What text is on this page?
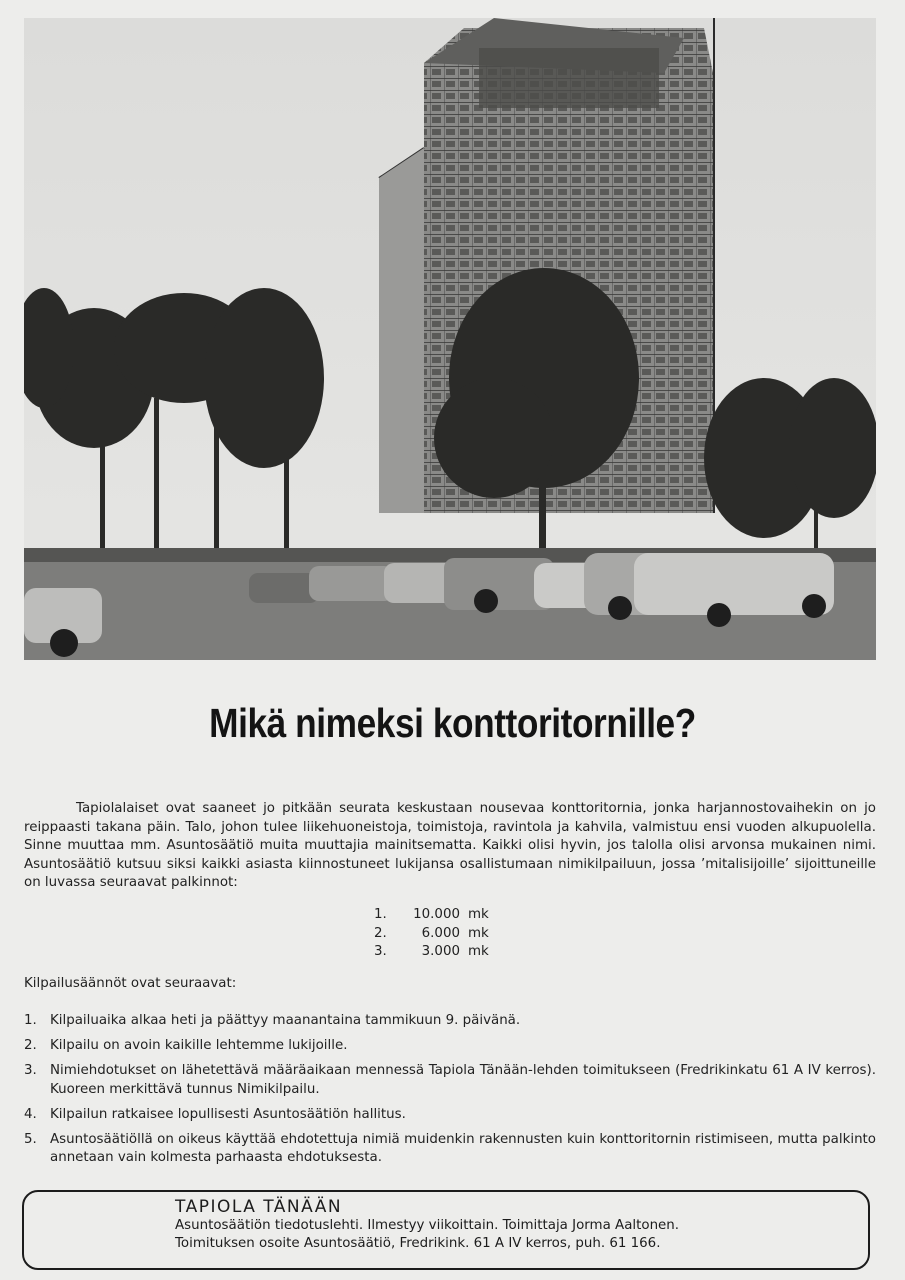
Mikä nimeksi konttoritornille?
Tapiolalaiset ovat saaneet jo pitkään seurata keskustaan nousevaa konttoritornia, jonka harjannostovaihekin on jo reippaasti takana päin. Talo, johon tulee liikehuoneistoja, toimistoja, ravintola ja kahvila, valmistuu ensi vuoden alkupuolella. Sinne muuttaa mm. Asuntosäätiö muita muuttajia mainitsematta. Kaikki olisi hyvin, jos talolla olisi arvonsa mukainen nimi. Asuntosäätiö kutsuu siksi kaikki asiasta kiinnostuneet lukijansa osallistumaan nimikilpailuun, jossa ’mitalisijoille’ sijoittuneille on luvassa seuraavat palkinnot:
1.	10.000 mk
2.	6.000 mk
3.	3.000 mk
Kilpailusäännöt ovat seuraavat:
1. Kilpailuaika alkaa heti ja päättyy maanantaina tammikuun 9. päivänä.
2. Kilpailu on avoin kaikille lehtemme lukijoille.
3. Nimiehdotukset on lähetettävä määräaikaan mennessä Tapiola Tänään-lehden toimitukseen (Fredrikinkatu 61 A IV kerros). Kuoreen merkittävä tunnus Nimikilpailu.
4. Kilpailun ratkaisee lopullisesti Asuntosäätiön hallitus.
5. Asuntosäätiöllä on oikeus käyttää ehdotettuja nimiä muidenkin rakennusten kuin konttoritornin ristimiseen, mutta palkinto annetaan vain kolmesta parhaasta ehdotuksesta.
TAPIOLA TÄNÄÄN
Asuntosäätiön tiedotuslehti. Ilmestyy viikoittain. Toimittaja Jorma Aaltonen.
Toimituksen osoite Asuntosäätiö, Fredrikink. 61 A IV kerros, puh. 61 166.
